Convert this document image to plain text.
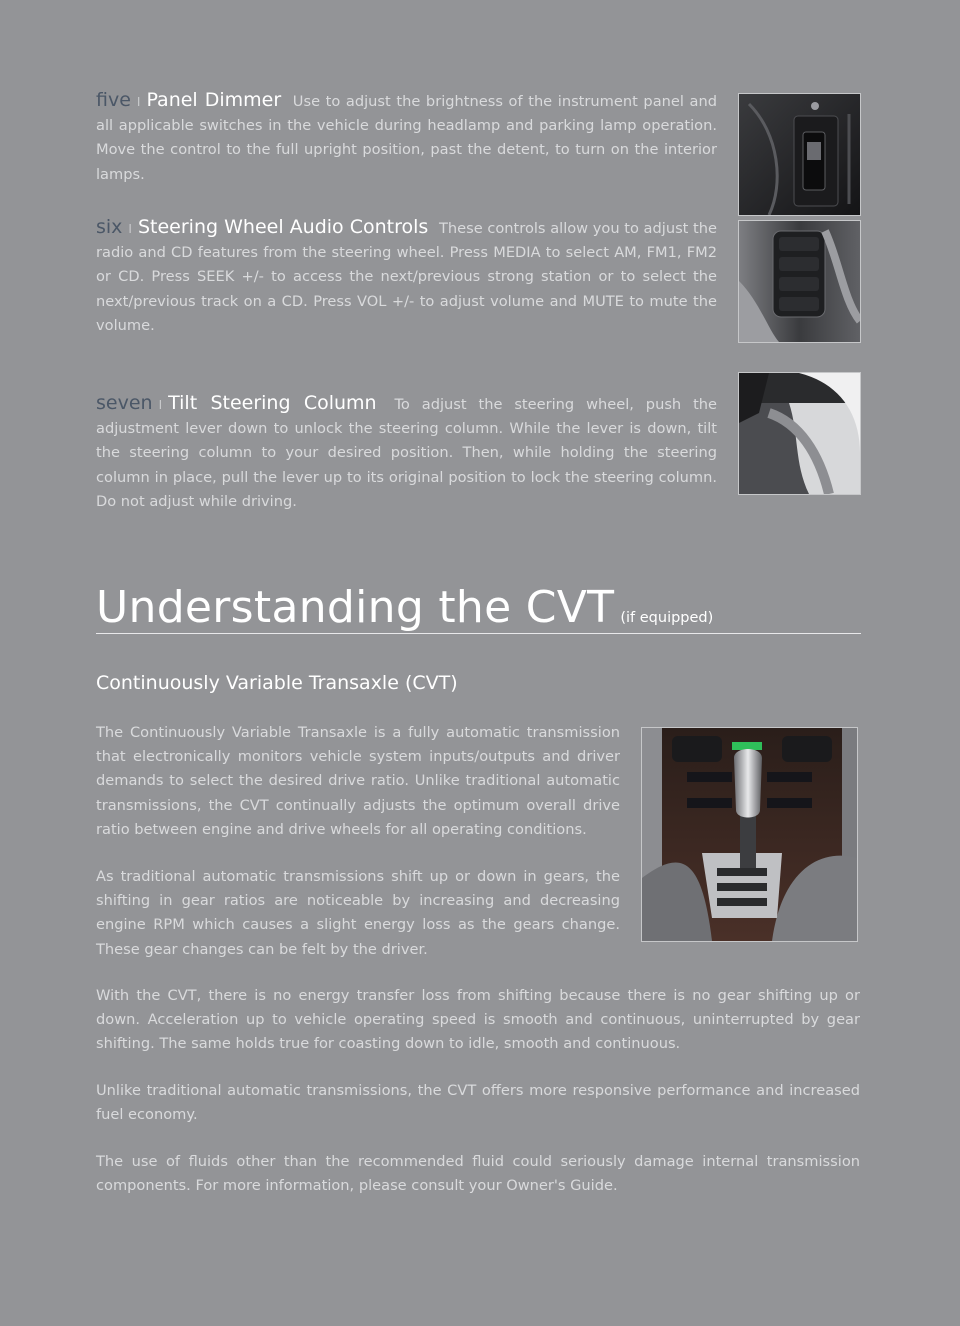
five I Panel Dimmer Use to adjust the brightness of the instrument panel and all applicable switches in the vehicle during headlamp and parking lamp operation. Move the control to the full upright position, past the detent, to turn on the interior lamps.

six I Steering Wheel Audio Controls These controls allow you to adjust the radio and CD features from the steering wheel. Press MEDIA to select AM, FM1, FM2 or CD. Press SEEK +/- to access the next/previous strong station or to select the next/previous track on a CD. Press VOL +/- to adjust volume and MUTE to mute the volume.

seven I Tilt Steering Column To adjust the steering wheel, push the adjustment lever down to unlock the steering column. While the lever is down, tilt the steering column to your desired position. Then, while holding the steering column in place, pull the lever up to its original position to lock the steering column. Do not adjust while driving.

Understanding the CVT (if equipped)
Continuously Variable Transaxle (CVT)

The Continuously Variable Transaxle is a fully automatic transmission that electronically monitors vehicle system inputs/outputs and driver demands to select the desired drive ratio. Unlike traditional automatic transmissions, the CVT continually adjusts the optimum overall drive ratio between engine and drive wheels for all operating conditions.

As traditional automatic transmissions shift up or down in gears, the shifting in gear ratios are noticeable by increasing and decreasing engine RPM which causes a slight energy loss as the gears change. These gear changes can be felt by the driver.

With the CVT, there is no energy transfer loss from shifting because there is no gear shifting up or down. Acceleration up to vehicle operating speed is smooth and continuous, uninterrupted by gear shifting. The same holds true for coasting down to idle, smooth and continuous.

Unlike traditional automatic transmissions, the CVT offers more responsive performance and increased fuel economy.

The use of fluids other than the recommended fluid could seriously damage internal transmission components. For more information, please consult your Owner's Guide.
